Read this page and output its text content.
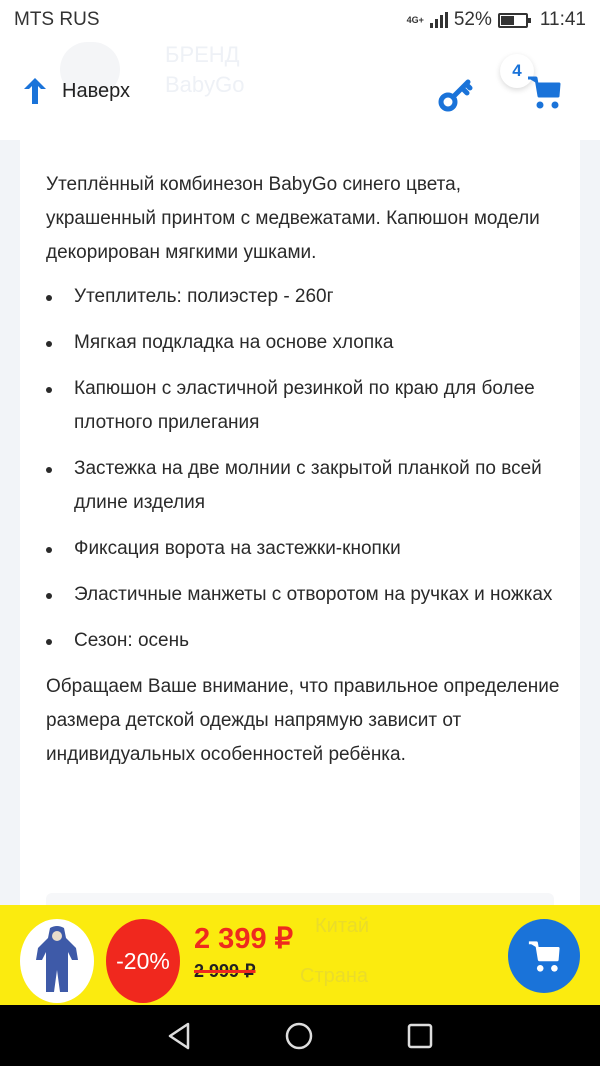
MTS RUS	4G+ 52%	11:41
БРЕНД
BabyGo
Наверх
4

Утеплённый комбинезон BabyGo синего цвета, украшенный принтом с медвежатами. Капюшон модели декорирован мягкими ушками.

Утеплитель: полиэстер - 260г
Мягкая подкладка на основе хлопка
Капюшон с эластичной резинкой по краю для более плотного прилегания
Застежка на две молнии с закрытой планкой по всей длине изделия
Фиксация ворота на застежки-кнопки
Эластичные манжеты с отворотом на ручках и ножках
Сезон: осень

Обращаем Ваше внимание, что правильное определение размера детской одежды напрямую зависит от индивидуальных особенностей ребёнка.

Страна
Китай
-20%
2 399 ₽
2 999 ₽
